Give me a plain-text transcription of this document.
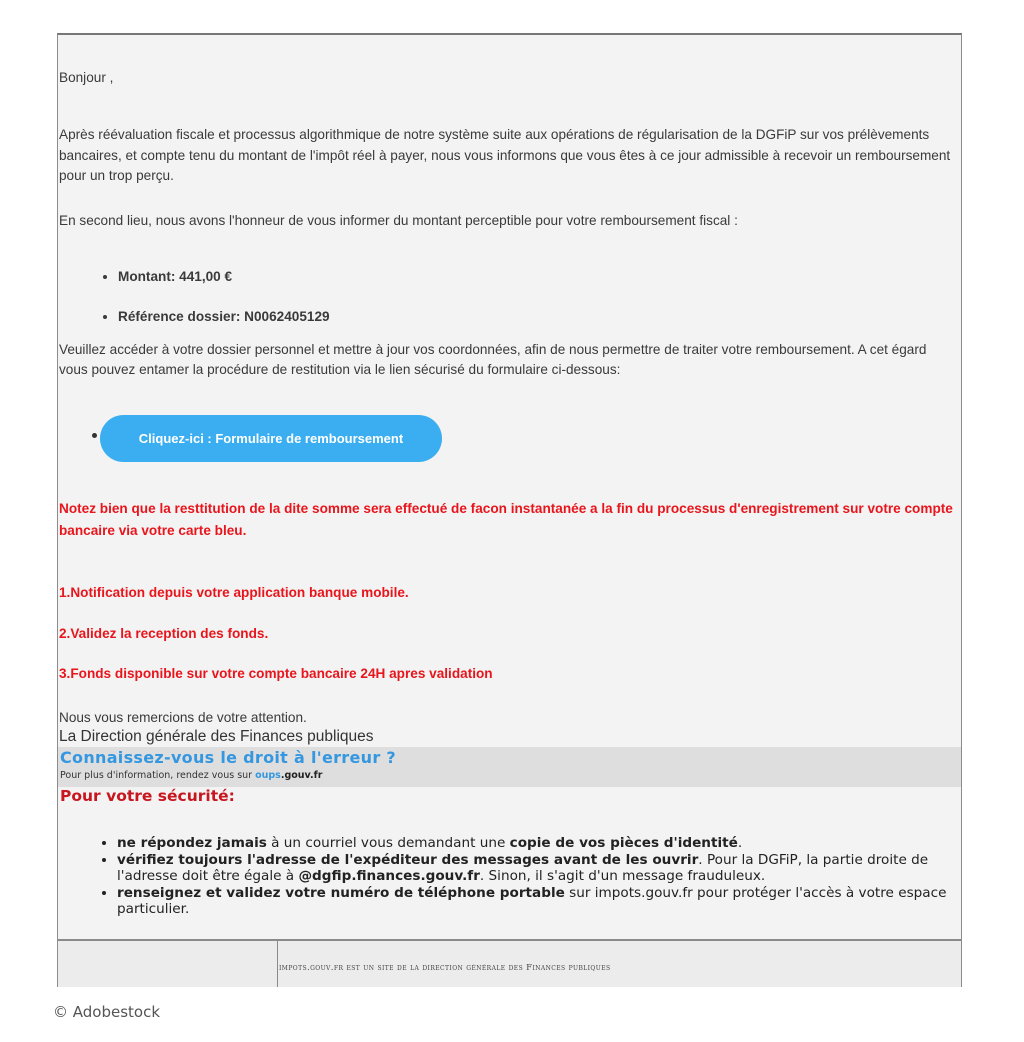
Bonjour ,

Après réévaluation fiscale et processus algorithmique de notre système suite aux opérations de régularisation de la DGFiP sur vos prélèvements bancaires, et compte tenu du montant de l'impôt réel à payer, nous vous informons que vous êtes à ce jour admissible à recevoir un remboursement pour un trop perçu.

En second lieu, nous avons l'honneur de vous informer du montant perceptible pour votre remboursement fiscal :

• Montant: 441,00 €
• Référence dossier: N0062405129

Veuillez accéder à votre dossier personnel et mettre à jour vos coordonnées, afin de nous permettre de traiter votre remboursement. A cet égard vous pouvez entamer la procédure de restitution via le lien sécurisé du formulaire ci-dessous:

Cliquez-ici : Formulaire de remboursement

Notez bien que la resttitution de la dite somme sera effectué de facon instantanée a la fin du processus d'enregistrement sur votre compte bancaire via votre carte bleu.

1.Notification depuis votre application banque mobile.

2.Validez la reception des fonds.

3.Fonds disponible sur votre compte bancaire 24H apres validation

Nous vous remercions de votre attention.

La Direction générale des Finances publiques

Connaissez-vous le droit à l'erreur ?
Pour plus d'information, rendez vous sur oups.gouv.fr
Pour votre sécurité:
• ne répondez jamais à un courriel vous demandant une copie de vos pièces d'identité.
• vérifiez toujours l'adresse de l'expéditeur des messages avant de les ouvrir. Pour la DGFiP, la partie droite de l'adresse doit être égale à @dgfip.finances.gouv.fr. Sinon, il s'agit d'un message frauduleux.
• renseignez et validez votre numéro de téléphone portable sur impots.gouv.fr pour protéger l'accès à votre espace particulier.
impots.gouv.fr est un site de la direction générale des Finances publiques
© Adobestock
